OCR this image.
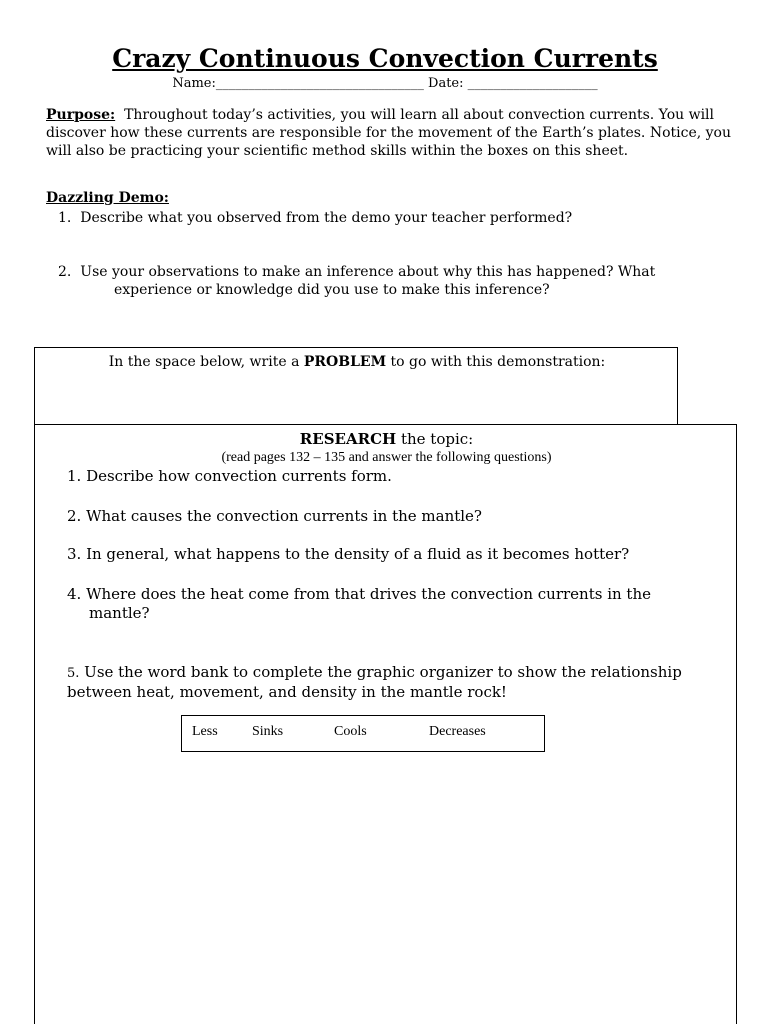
Crazy Continuous Convection Currents
Name:________________________________ Date: ____________________
Purpose: Throughout today’s activities, you will learn all about convection currents. You will discover how these currents are responsible for the movement of the Earth’s plates. Notice, you will also be practicing your scientific method skills within the boxes on this sheet.
Dazzling Demo:
1. Describe what you observed from the demo your teacher performed?
2. Use your observations to make an inference about why this has happened? What
experience or knowledge did you use to make this inference?
In the space below, write a PROBLEM to go with this demonstration:
RESEARCH the topic:
(read pages 132 – 135 and answer the following questions)
1. Describe how convection currents form.
2. What causes the convection currents in the mantle?
3. In general, what happens to the density of a fluid as it becomes hotter?
4. Where does the heat come from that drives the convection currents in the
mantle?
5. Use the word bank to complete the graphic organizer to show the relationship between heat, movement, and density in the mantle rock!
Less Sinks	Cools	Decreases
